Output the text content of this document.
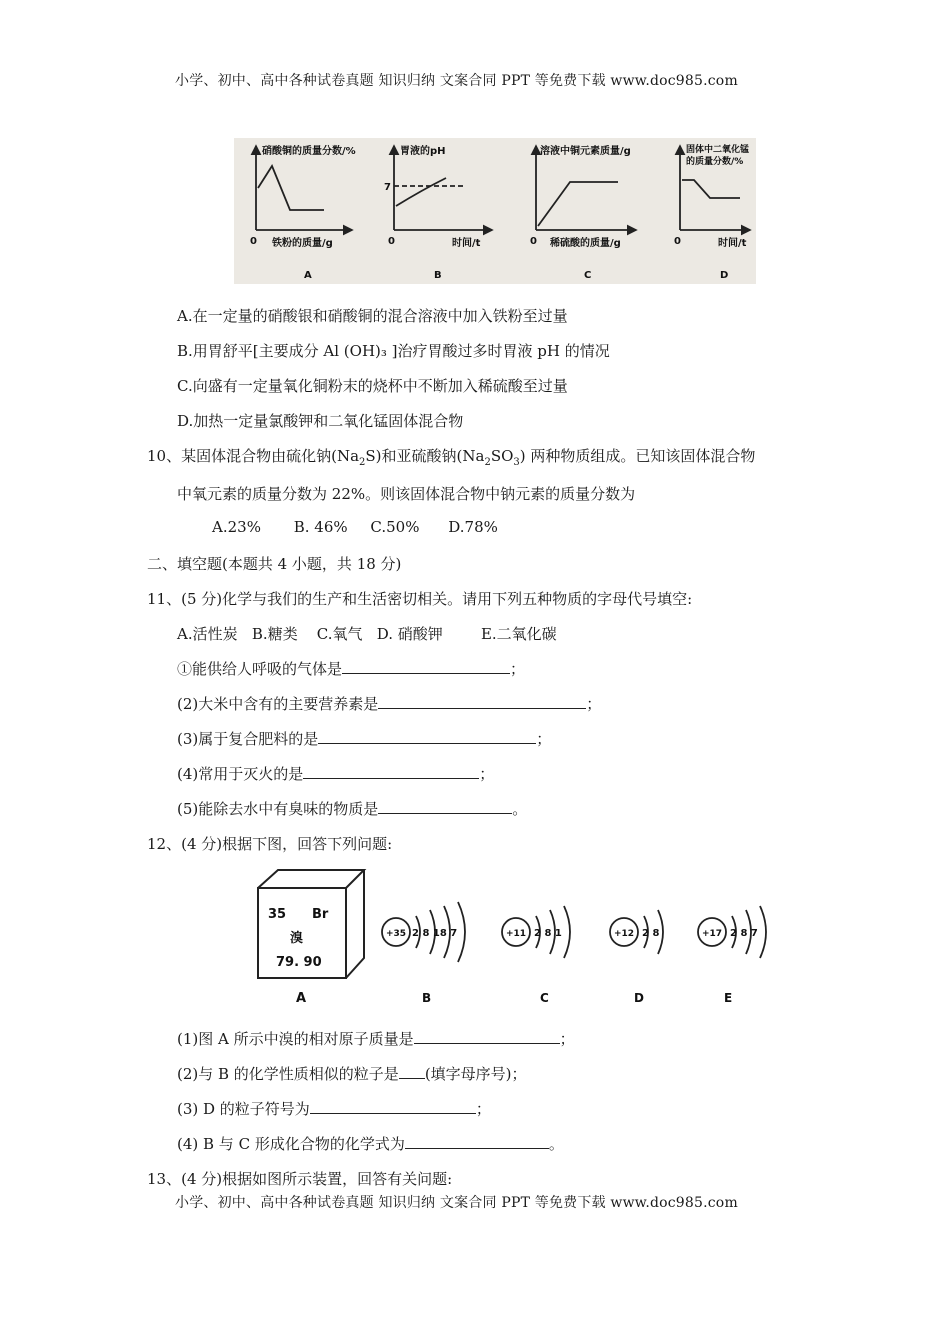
小学、初中、高中各种试卷真题 知识归纳 文案合同 PPT 等免费下载 www.doc985.com
硝酸铜的质量分数/%
铁粉的质量/g
0
A
胃液的pH
时间/t
0
7
B
溶液中铜元素质量/g
稀硫酸的质量/g
0
C
固体中二氧化锰
的质量分数/%
时间/t
0
D
A.在一定量的硝酸银和硝酸铜的混合溶液中加入铁粉至过量
B.用胃舒平[主要成分 Al (OH)₃ ]治疗胃酸过多时胃液 pH 的情况
C.向盛有一定量氧化铜粉末的烧杯中不断加入稀硫酸至过量
D.加热一定量氯酸钾和二氧化锰固体混合物
10、某固体混合物由硫化钠$(Na_2S)$和亚硫酸钠$(Na_2SO_3)$ 两种物质组成。已知该固体混合物
中氧元素的质量分数为 22%。则该固体混合物中钠元素的质量分数为
A.23% B. 46% C.50% D.78%
二、填空题(本题共 4 小题，共 18 分)
11、(5 分)化学与我们的生产和生活密切相关。请用下列五种物质的字母代号填空:
A.活性炭   B.糖类    C.氧气   D. 硝酸钾        E.二氧化碳
①能供给人呼吸的气体是	；
(2)大米中含有的主要营养素是	；
(3)属于复合肥料的是	；
(4)常用于灭火的是	；
(5)能除去水中有臭味的物质是	。
12、(4 分)根据下图，回答下列问题:
35 Br
溴
79. 90
A
+35 2 8 18 7	+11 2 8 1	+12 2 8	+17 2 8 7
B	C	D	E
(1)图 A 所示中溴的相对原子质量是	；
(2)与 B 的化学性质相似的粒子是 (填字母序号)；
(3) D 的粒子符号为	；
(4) B 与 C 形成化合物的化学式为	。
13、(4 分)根据如图所示装置，回答有关问题:
小学、初中、高中各种试卷真题 知识归纳 文案合同 PPT 等免费下载 www.doc985.com
